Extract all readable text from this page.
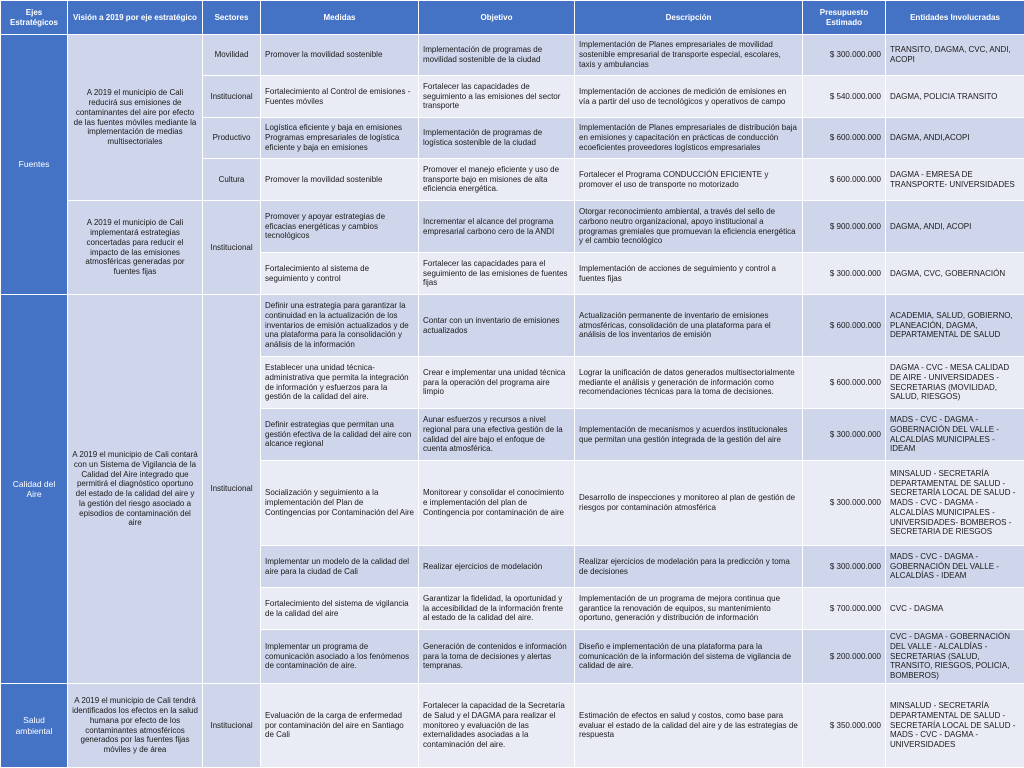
Ejes Estratégicos	Visión a 2019 por eje estratégico	Sectores	Medidas	Objetivo	Descripción	Presupuesto Estimado	Entidades Involucradas
Fuentes	A 2019 el municipio de Cali reducirá sus emisiones de contaminantes del aire por efecto de las fuentes móviles mediante la implementación de medias multisectoriales	Movilidad	Promover la movilidad sostenible	Implementación de programas de movilidad sostenible de la ciudad	Implementación de Planes empresariales de movilidad sostenible empresarial de transporte especial, escolares, taxis y ambulancias	$ 300.000.000	TRANSITO, DAGMA, CVC, ANDI, ACOPI
		Institucional	Fortalecimiento al Control de emisiones - Fuentes móviles	Fortalecer las capacidades de seguimiento a las emisiones del sector transporte	Implementación de acciones de medición de emisiones en vía a partir del uso de tecnológicos y operativos de campo	$ 540.000.000	DAGMA, POLICIA TRANSITO
		Productivo	Logística eficiente y baja en emisiones Programas empresariales de logística eficiente y baja en emisiones	Implementación de programas de logística sostenible de la ciudad	Implementación de Planes empresariales de distribución baja en emisiones y capacitación en prácticas de conducción ecoeficientes proveedores logísticos empresariales	$ 600.000.000	DAGMA, ANDI,ACOPI
		Cultura	Promover la movilidad sostenible	Promover el manejo eficiente y uso de transporte bajo en misiones de alta eficiencia energética.	Fortalecer el Programa CONDUCCIÓN EFICIENTE y promover el uso de transporte no motorizado	$ 600.000.000	DAGMA - EMRESA DE TRANSPORTE- UNIVERSIDADES
	A 2019 el municipio de Cali implementará estrategias concertadas para reducir el impacto de las emisiones atmosféricas generadas por fuentes fijas	Institucional	Promover y apoyar estrategias de eficacias energéticas y cambios tecnológicos	Incrementar el alcance del programa empresarial carbono cero de la ANDI	Otorgar reconocimiento ambiental, a través del sello de carbono neutro organizacional, apoyo institucional a programas gremiales que promuevan la eficiencia energética y el cambio tecnológico	$ 900.000.000	DAGMA, ANDI, ACOPI
			Fortalecimiento al sistema de seguimiento y control	Fortalecer las capacidades para el seguimiento de las emisiones de fuentes fijas	Implementación de acciones de seguimiento y control a fuentes fijas	$ 300.000.000	DAGMA, CVC, GOBERNACIÓN
Calidad del Aire	A 2019 el municipio de Cali contará con un Sistema de Vigilancia de la Calidad del Aire integrado que permitirá el diagnóstico oportuno del estado de la calidad del aire y la gestión del riesgo asociado a episodios de contaminación del aire	Institucional	Definir una estrategia para garantizar la continuidad en la actualización de los inventarios de emisión actualizados y de una plataforma para la consolidación y análisis de la información	Contar con un inventario de emisiones actualizados	Actualización permanente de inventario de emisiones atmosféricas, consolidación de una plataforma para el análisis de los inventarios de emisión	$ 600.000.000	ACADEMIA, SALUD, GOBIERNO, PLANEACIÓN, DAGMA, DEPARTAMENTAL DE SALUD
			Establecer una unidad técnica-administrativa que permita la integración de información y esfuerzos para la gestión de la calidad del aire.	Crear e implementar una unidad técnica para la operación del programa aire limpio	Lograr la unificación de datos generados multisectorialmente mediante el análisis y generación de información como recomendaciones técnicas para la toma de decisiones.	$ 600.000.000	DAGMA - CVC - MESA CALIDAD DE AIRE - UNIVERSIDADES - SECRETARIAS (MOVILIDAD, SALUD, RIESGOS)
			Definir estrategias que permitan una gestión efectiva de la calidad del aire con alcance regional	Aunar esfuerzos y recursos a nivel regional para una efectiva gestión de la calidad del aire bajo el enfoque de cuenta atmosférica.	Implementación de mecanismos y acuerdos institucionales que permitan una gestión integrada de la gestión del aire	$ 300.000.000	MADS - CVC - DAGMA - GOBERNACIÓN DEL VALLE - ALCALDÍAS MUNICIPALES - IDEAM
			Socialización y seguimiento a la implementación del Plan de Contingencias por Contaminación del Aire	Monitorear y consolidar el conocimiento e implementación del plan de Contingencia por contaminación de aire	Desarrollo de inspecciones y monitoreo al plan de gestión de riesgos por contaminación atmosférica	$ 300.000.000	MINSALUD - SECRETARÍA DEPARTAMENTAL DE SALUD - SECRETARÍA LOCAL DE SALUD - MADS - CVC - DAGMA - ALCALDÍAS MUNICIPALES - UNIVERSIDADES- BOMBEROS - SECRETARIA DE RIESGOS
			Implementar un modelo de la calidad del aire para la ciudad de Cali	Realizar ejercicios de modelación	Realizar ejercicios de modelación para la predicción y toma de decisiones	$ 300.000.000	MADS - CVC - DAGMA - GOBERNACIÓN DEL VALLE - ALCALDÍAS - IDEAM
			Fortalecimiento del sistema de vigilancia de la calidad del aire	Garantizar la fidelidad, la oportunidad y la accesibilidad de la información frente al estado de la calidad del aire.	Implementación de un programa de mejora continua que garantice la renovación de equipos, su mantenimiento oportuno, generación y distribución de información	$ 700.000.000	CVC - DAGMA
			Implementar un programa de comunicación asociado a los fenómenos de contaminación de aire.	Generación de contenidos e información para la toma de decisiones y alertas tempranas.	Diseño e implementación de una plataforma para la comunicación de la información del sistema de vigilancia de calidad de aire.	$ 200.000.000	CVC - DAGMA - GOBERNACIÓN DEL VALLE - ALCALDÍAS - SECRETARIAS (SALUD, TRANSITO, RIESGOS, POLICIA, BOMBEROS)
Salud ambiental	A 2019 el municipio de Cali tendrá identificados los efectos en la salud humana por efecto de los contaminantes atmosféricos generados por las fuentes fijas móviles y de área	Institucional	Evaluación de la carga de enfermedad por contaminación del aire en Santiago de Cali	Fortalecer la capacidad de la Secretaría de Salud y el DAGMA para realizar el monitoreo y evaluación de las externalidades asociadas a la contaminación del aire.	Estimación de efectos en salud y costos, como base para evaluar el estado de la calidad del aire y de las estrategias de respuesta	$ 350.000.000	MINSALUD - SECRETARÍA DEPARTAMENTAL DE SALUD - SECRETARÍA LOCAL DE SALUD - MADS - CVC - DAGMA - UNIVERSIDADES
